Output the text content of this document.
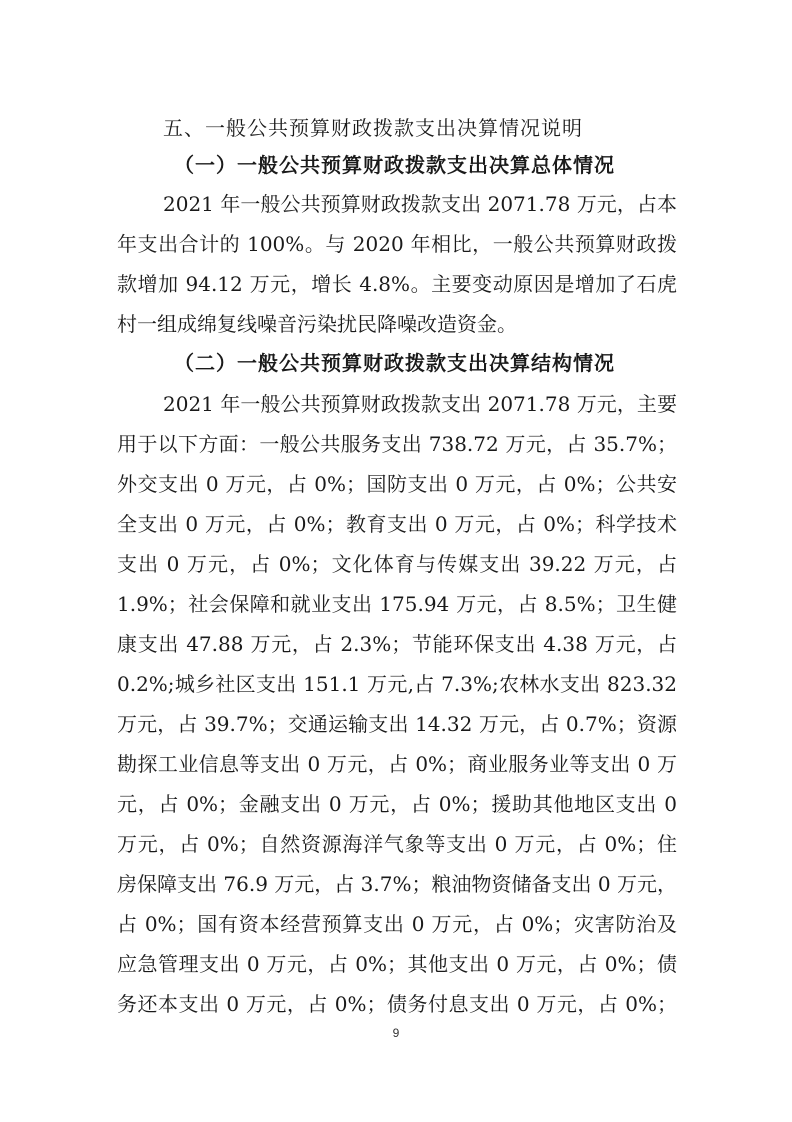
五、一般公共预算财政拨款支出决算情况说明
（一）一般公共预算财政拨款支出决算总体情况
2021 年一般公共预算财政拨款支出 2071.78 万元，占本
年支出合计的 100%。与 2020 年相比，一般公共预算财政拨
款增加 94.12 万元，增长 4.8%。主要变动原因是增加了石虎
村一组成绵复线噪音污染扰民降噪改造资金。
（二）一般公共预算财政拨款支出决算结构情况
2021 年一般公共预算财政拨款支出 2071.78 万元，主要
用于以下方面：一般公共服务支出 738.72 万元，占 35.7%；
外交支出 0 万元，占 0%；国防支出 0 万元，占 0%；公共安
全支出 0 万元，占 0%；教育支出 0 万元，占 0%；科学技术
支出 0 万元，占 0%；文化体育与传媒支出 39.22 万元，占
1.9%；社会保障和就业支出 175.94 万元，占 8.5%；卫生健
康支出 47.88 万元，占 2.3%；节能环保支出 4.38 万元，占
0.2%;城乡社区支出 151.1 万元,占 7.3%;农林水支出 823.32
万元，占 39.7%；交通运输支出 14.32 万元，占 0.7%；资源
勘探工业信息等支出 0 万元，占 0%；商业服务业等支出 0 万
元，占 0%；金融支出 0 万元，占 0%；援助其他地区支出 0
万元，占 0%；自然资源海洋气象等支出 0 万元，占 0%；住
房保障支出 76.9 万元，占 3.7%；粮油物资储备支出 0 万元，
占 0%；国有资本经营预算支出 0 万元，占 0%；灾害防治及
应急管理支出 0 万元，占 0%；其他支出 0 万元，占 0%；债
务还本支出 0 万元，占 0%；债务付息支出 0 万元，占 0%；
9
